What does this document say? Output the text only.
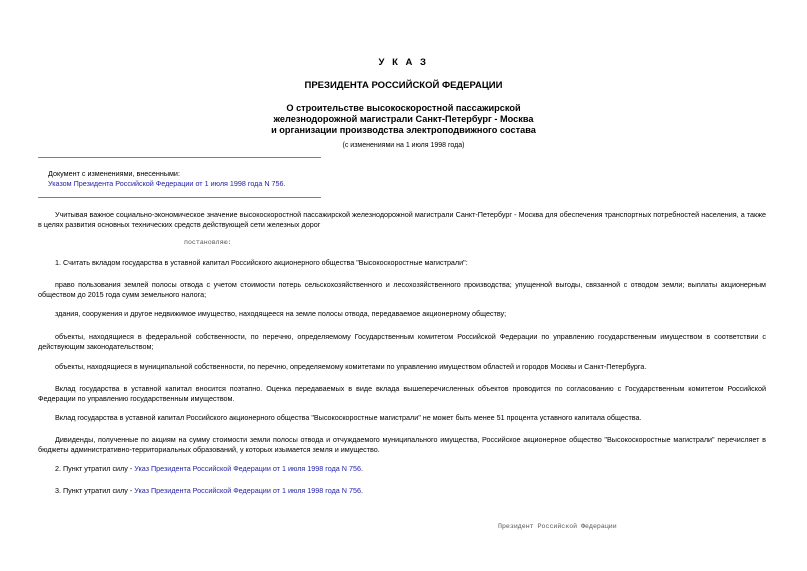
У К А З
ПРЕЗИДЕНТА РОССИЙСКОЙ ФЕДЕРАЦИИ
О строительстве высокоскоростной пассажирской
железнодорожной магистрали Санкт-Петербург - Москва
и организации производства электроподвижного состава
(с изменениями на 1 июля 1998 года)
Документ с изменениями, внесенными:
Указом Президента Российской Федерации от 1 июля 1998 года N 756.
Учитывая важное социально-экономическое значение высокоскоростной пассажирской железнодорожной магистрали Санкт-Петербург - Москва для обеспечения транспортных потребностей населения, а также в целях развития основных технических средств действующей сети железных дорог
постановляю:
1. Считать вкладом государства в уставной капитал Российского акционерного общества "Высокоскоростные магистрали":
право пользования землей полосы отвода с учетом стоимости потерь сельскохозяйственного и лесохозяйственного производства; упущенной выгоды, связанной с отводом земли; выплаты акционерным обществом до 2015 года сумм земельного налога;
здания, сооружения и другое недвижимое имущество, находящееся на земле полосы отвода, передаваемое акционерному обществу;
объекты, находящиеся в федеральной собственности, по перечню, определяемому Государственным комитетом Российской Федерации по управлению государственным имуществом в соответствии с действующим законодательством;
объекты, находящиеся в муниципальной собственности, по перечню, определяемому комитетами по управлению имуществом областей и городов Москвы и Санкт-Петербурга.
Вклад государства в уставной капитал вносится поэтапно. Оценка передаваемых в виде вклада вышеперечисленных объектов проводится по согласованию с Государственным комитетом Российской Федерации по управлению государственным имуществом.
Вклад государства в уставной капитал Российского акционерного общества "Высокоскоростные магистрали" не может быть менее 51 процента уставного капитала общества.
Дивиденды, полученные по акциям на сумму стоимости земли полосы отвода и отчуждаемого муниципального имущества, Российское акционерное общество "Высокоскоростные магистрали" перечисляет в бюджеты административно-территориальных образований, у которых изымается земля и имущество.
2. Пункт утратил силу - Указ Президента Российской Федерации от 1 июля 1998 года N 756.
3. Пункт утратил силу - Указ Президента Российской Федерации от 1 июля 1998 года N 756.
Президент Российской Федерации
